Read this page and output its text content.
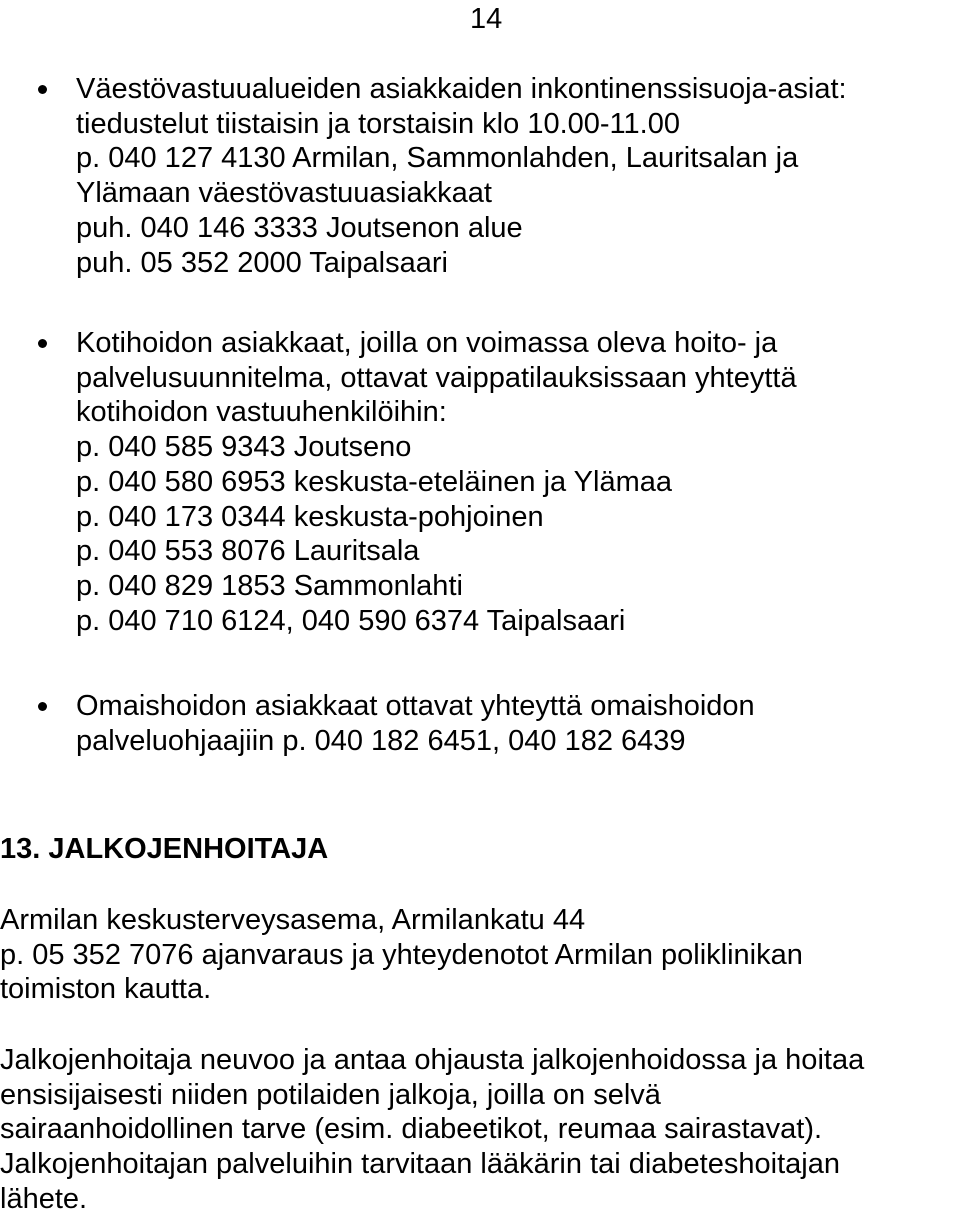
14
Väestövastuualueiden asiakkaiden inkontinenssisuoja-asiat:
tiedustelut tiistaisin ja torstaisin klo 10.00-11.00
p. 040 127 4130 Armilan, Sammonlahden, Lauritsalan ja
Ylämaan väestövastuuasiakkaat
puh. 040 146 3333 Joutsenon alue
puh. 05 352 2000 Taipalsaari
Kotihoidon asiakkaat, joilla on voimassa oleva hoito- ja
palvelusuunnitelma, ottavat vaippatilauksissaan yhteyttä
kotihoidon vastuuhenkilöihin:
p. 040 585 9343 Joutseno
p. 040 580 6953 keskusta-eteläinen ja Ylämaa
p. 040 173 0344 keskusta-pohjoinen
p. 040 553 8076 Lauritsala
p. 040 829 1853 Sammonlahti
p. 040 710 6124, 040 590 6374 Taipalsaari
Omaishoidon asiakkaat ottavat yhteyttä omaishoidon
palveluohjaajiin p. 040 182 6451, 040 182 6439
13. JALKOJENHOITAJA
Armilan keskusterveysasema, Armilankatu 44
p. 05 352 7076 ajanvaraus ja yhteydenotot Armilan poliklinikan
toimiston kautta.
Jalkojenhoitaja neuvoo ja antaa ohjausta jalkojenhoidossa ja hoitaa
ensisijaisesti niiden potilaiden jalkoja, joilla on selvä
sairaanhoidollinen tarve (esim. diabeetikot, reumaa sairastavat).
Jalkojenhoitajan palveluihin tarvitaan lääkärin tai diabeteshoitajan
lähete.
